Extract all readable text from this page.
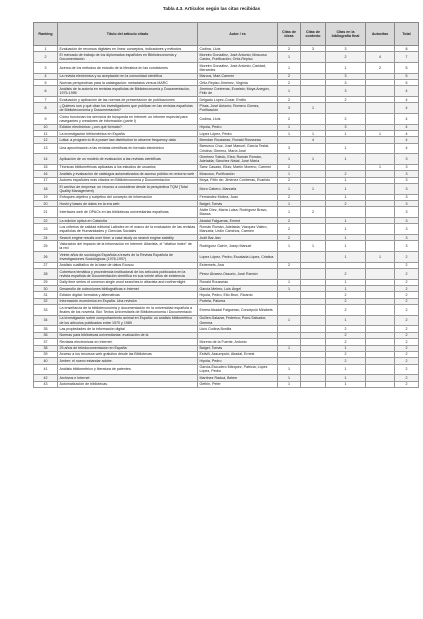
Tabla 4.3. Artículos según las citas recibidas
Ranking	Título del artículo citado	Autor / es	Citas de ideas	Citas de contexto	Citas en la bibliografía final	Autocitas	Total
1	Evaluación de recursos digitales en línea: conceptos, indicadores y métodos	Codina, Lluís	2	3	3		8
2	El mercado de trabajo de los diplomados españoles en Biblioteconomía y Documentación	Moreiro González, José Antonio; Moscoso Castro, Purificación; Ortiz-Repiso	1		2	4	7
3	Acerca de los métodos de estudio de la literatura en las condiciones	Moreiro González, José Antonio; Caridad, Mercedes	1		1	2	5
4	La revista electrónica y su aceptación en la comunidad científica	Marcos, Mari-Carmen	2		3		5
5	Nuevas perspectivas para la catalogación: metadatos versus MARC	Ortiz-Repiso Jiménez, Virginia	2		3		5
6	Análisis de la autoría en revistas españolas de Biblioteconomía y Documentación, 1975-1995	Jiménez Contreras, Evaristo; Moya Anegón, Félix de	1		3		4
7	Evaluación y aplicación de las normas de presentación de publicaciones	Delgado López-Cozar, Emilio	2		2		4
8	¿Quiénes son y qué citan los investigadores que publican en las revistas españolas de Biblioteconomía y Documentación?	Pinas, José Antonio; Romero Gómez, Purificación	3	1			4
9	Cómo funcionan los servicios de búsqueda en Internet: un informe especial para navegantes y creadores de información (parte I)	Codina, Lluís	2		2		4
10	Edición electrónica: ¿con qué formato?	Hípola, Pedro	1		3		4
11	La investigación bibliométrica en España	López López, Pedro	1	1	1	1	4
12	Lotka: a program to fit a power law distribution to observe frequency data	Brendan Rousseau; Ronald Rousseau		4			4
13	Una aproximación a las revistas científicas en formato electrónico	Barrueco Cruz, José Manuel; García Testal, Cristina; Gimeno, María José	3		1		4
14	Aplicación de un modelo de evaluación a las revistas científicas	Giménez Toledo, Elea; Román Román, Adelaida; Sánchez Nistal, José María	1	1	1		3
15	Técnicas bibliométricas aplicadas a los estudios de usuarios	Sanz Casado, Elías; Martín Moreno, Carmen	2			1	3
16	Análisis y evaluación de catálogos automatizados de acceso público en entorno web	Moscoso, Purificación	1		2		3
17	Autores españoles más citados en Biblioteconomía y Documentación	Moya, Félix de; Jiménez Contreras, Evaristo	2		1		3
18	El archivo de empresa: un recurso a considerar desde la perspectiva TQM (Total Quality Management)	Moro Cabero, Manuela	1	1	1		3
19	Enfoques objetivo y subjetivo del concepto de información	Fernández Molina, Juan	2		1		3
20	Hoshi y bases de datos en la era web	Baiget, Tomàs	1		2		3
21	Interfaces web de OPACs en las bibliotecas universitarias españolas	Alvite Díez, María Luisa; Rodríguez Bravo, Blanca	1	2			3
22	La edición óptica en Cataluña	Abadal Falgueras, Ernest	2		1		3
23	Los criterios de calidad editorial Latindex en el marco de la evaluación de las revistas españolas de Humanidades y Ciencias Sociales	Román Román, Adelaida; Vázquez Valero, Manuela; Urdín Caminos, Carmen	2		1		3
24	Search engine results over time: a case study on search engine stability	Judit Bar-Ilan	2		1		3
25	Valoración del impacto de la información en Internet: Altavista, el "citation index" de la red	Rodríguez Gairín, Josep Manuel	1	1	1		3
26	Veinte años de sociología Española a través de la Revista Española de Investigaciones Sociológicas (1978-1997)	López López, Pedro; Escalada López, Cristina			1	1	2
27	Análisis cualitativo de la base de datos Ecosoc	Estremets, Ana	2				2
28	Cobertura temática y procedencia institucional de los artículos publicados en la revista española de Documentación científica en sus veinte años de existencia	Pérez Álvarez-Ossorio, José Ramón			2		2
29	Daily time series of common single word searches in altavista and northernlight	Ronald Rousseau	1		1		2
30	Desarrollo de colecciones bibliográficas e Internet	García Melero, Luis Ángel	1		1		2
31	Edición digital: formatos y alternativas	Hípola, Pedro; Eito Brun, Ricardo			2		2
32	Información económica en España. Una revisión	Portela, Paloma			2		2
33	La enseñanza de la biblioteconomía y documentación en la universidad española a finales de los noventa. Bid: Textos Universitaris de Biblioteconomia i Documentació	Ernest Abadal Falgueras; Concepció Mirabets			2		2
34	La investigación sobre comportamiento animal en España: un análisis bibliométrico de los artículos publicados entre 1970 y 1989	Guillen-Salazar, Federico; Pons-Salvador, Gemma	1		1		2
35	Las propiedades de la información digital	Lluís Codina Bonilla			2		2
36	Normas para bibliotecas universitarias: evaluación de la				2		2
37	Revistas electrónicas en Internet.	Moreno de la Fuente, Antonio			2		2
38	25 años de teledocumentación en España	Baiget, Tomàs	1		1		2
39	Acceso a los recursos web gratuitos desde las Bibliotecas	Estivill, Assumpció; Abadal, Ernest			2		2
40	Amber: el nuevo estandar adobe.	Hípola, Pedro			2		2
41	Análisis bibliométrico y literatura de patentes.	García-Escudero Márquez, Patricia; López López, Pedro	1		1		2
42	Archivos e Internet	Martínez Raduá, Belem	1		1		2
43	Automatización de bibliotecas.	Gethin, Peter	1		1		2
